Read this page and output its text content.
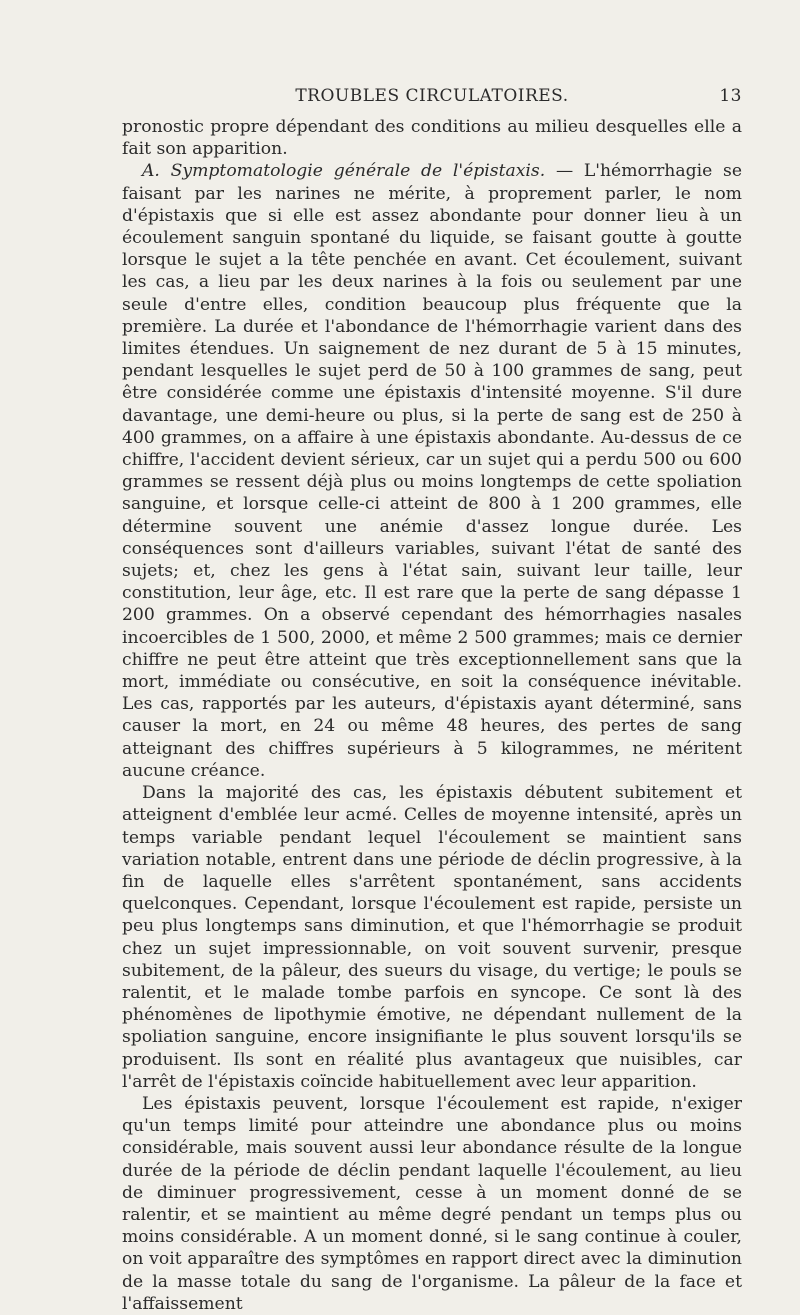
TROUBLES CIRCULATOIRES.	13

pronostic propre dépendant des conditions au milieu desquelles elle a fait son apparition.

A. Symptomatologie générale de l'épistaxis. — L'hémorrhagie se faisant par les narines ne mérite, à proprement parler, le nom d'épistaxis que si elle est assez abondante pour donner lieu à un écoulement sanguin spontané du liquide, se faisant goutte à goutte lorsque le sujet a la tête penchée en avant. Cet écoulement, suivant les cas, a lieu par les deux narines à la fois ou seulement par une seule d'entre elles, condition beaucoup plus fréquente que la première. La durée et l'abondance de l'hémorrhagie varient dans des limites étendues. Un saignement de nez durant de 5 à 15 minutes, pendant lesquelles le sujet perd de 50 à 100 grammes de sang, peut être considérée comme une épistaxis d'intensité moyenne. S'il dure davantage, une demi-heure ou plus, si la perte de sang est de 250 à 400 grammes, on a affaire à une épistaxis abondante. Au-dessus de ce chiffre, l'accident devient sérieux, car un sujet qui a perdu 500 ou 600 grammes se ressent déjà plus ou moins longtemps de cette spoliation sanguine, et lorsque celle-ci atteint de 800 à 1 200 grammes, elle détermine souvent une anémie d'assez longue durée. Les conséquences sont d'ailleurs variables, suivant l'état de santé des sujets; et, chez les gens à l'état sain, suivant leur taille, leur constitution, leur âge, etc. Il est rare que la perte de sang dépasse 1 200 grammes. On a observé cependant des hémorrhagies nasales incoercibles de 1 500, 2000, et même 2 500 grammes; mais ce dernier chiffre ne peut être atteint que très exceptionnellement sans que la mort, immédiate ou consécutive, en soit la conséquence inévitable. Les cas, rapportés par les auteurs, d'épistaxis ayant déterminé, sans causer la mort, en 24 ou même 48 heures, des pertes de sang atteignant des chiffres supérieurs à 5 kilogrammes, ne méritent aucune créance.

Dans la majorité des cas, les épistaxis débutent subitement et atteignent d'emblée leur acmé. Celles de moyenne intensité, après un temps variable pendant lequel l'écoulement se maintient sans variation notable, entrent dans une période de déclin progressive, à la fin de laquelle elles s'arrêtent spontanément, sans accidents quelconques. Cependant, lorsque l'écoulement est rapide, persiste un peu plus longtemps sans diminution, et que l'hémorrhagie se produit chez un sujet impressionnable, on voit souvent survenir, presque subitement, de la pâleur, des sueurs du visage, du vertige; le pouls se ralentit, et le malade tombe parfois en syncope. Ce sont là des phénomènes de lipothymie émotive, ne dépendant nullement de la spoliation sanguine, encore insignifiante le plus souvent lorsqu'ils se produisent. Ils sont en réalité plus avantageux que nuisibles, car l'arrêt de l'épistaxis coïncide habituellement avec leur apparition.

Les épistaxis peuvent, lorsque l'écoulement est rapide, n'exiger qu'un temps limité pour atteindre une abondance plus ou moins considérable, mais souvent aussi leur abondance résulte de la longue durée de la période de déclin pendant laquelle l'écoulement, au lieu de diminuer progressivement, cesse à un moment donné de se ralentir, et se maintient au même degré pendant un temps plus ou moins considérable. A un moment donné, si le sang continue à couler, on voit apparaître des symptômes en rapport direct avec la diminution de la masse totale du sang de l'organisme. La pâleur de la face et l'affaissement
